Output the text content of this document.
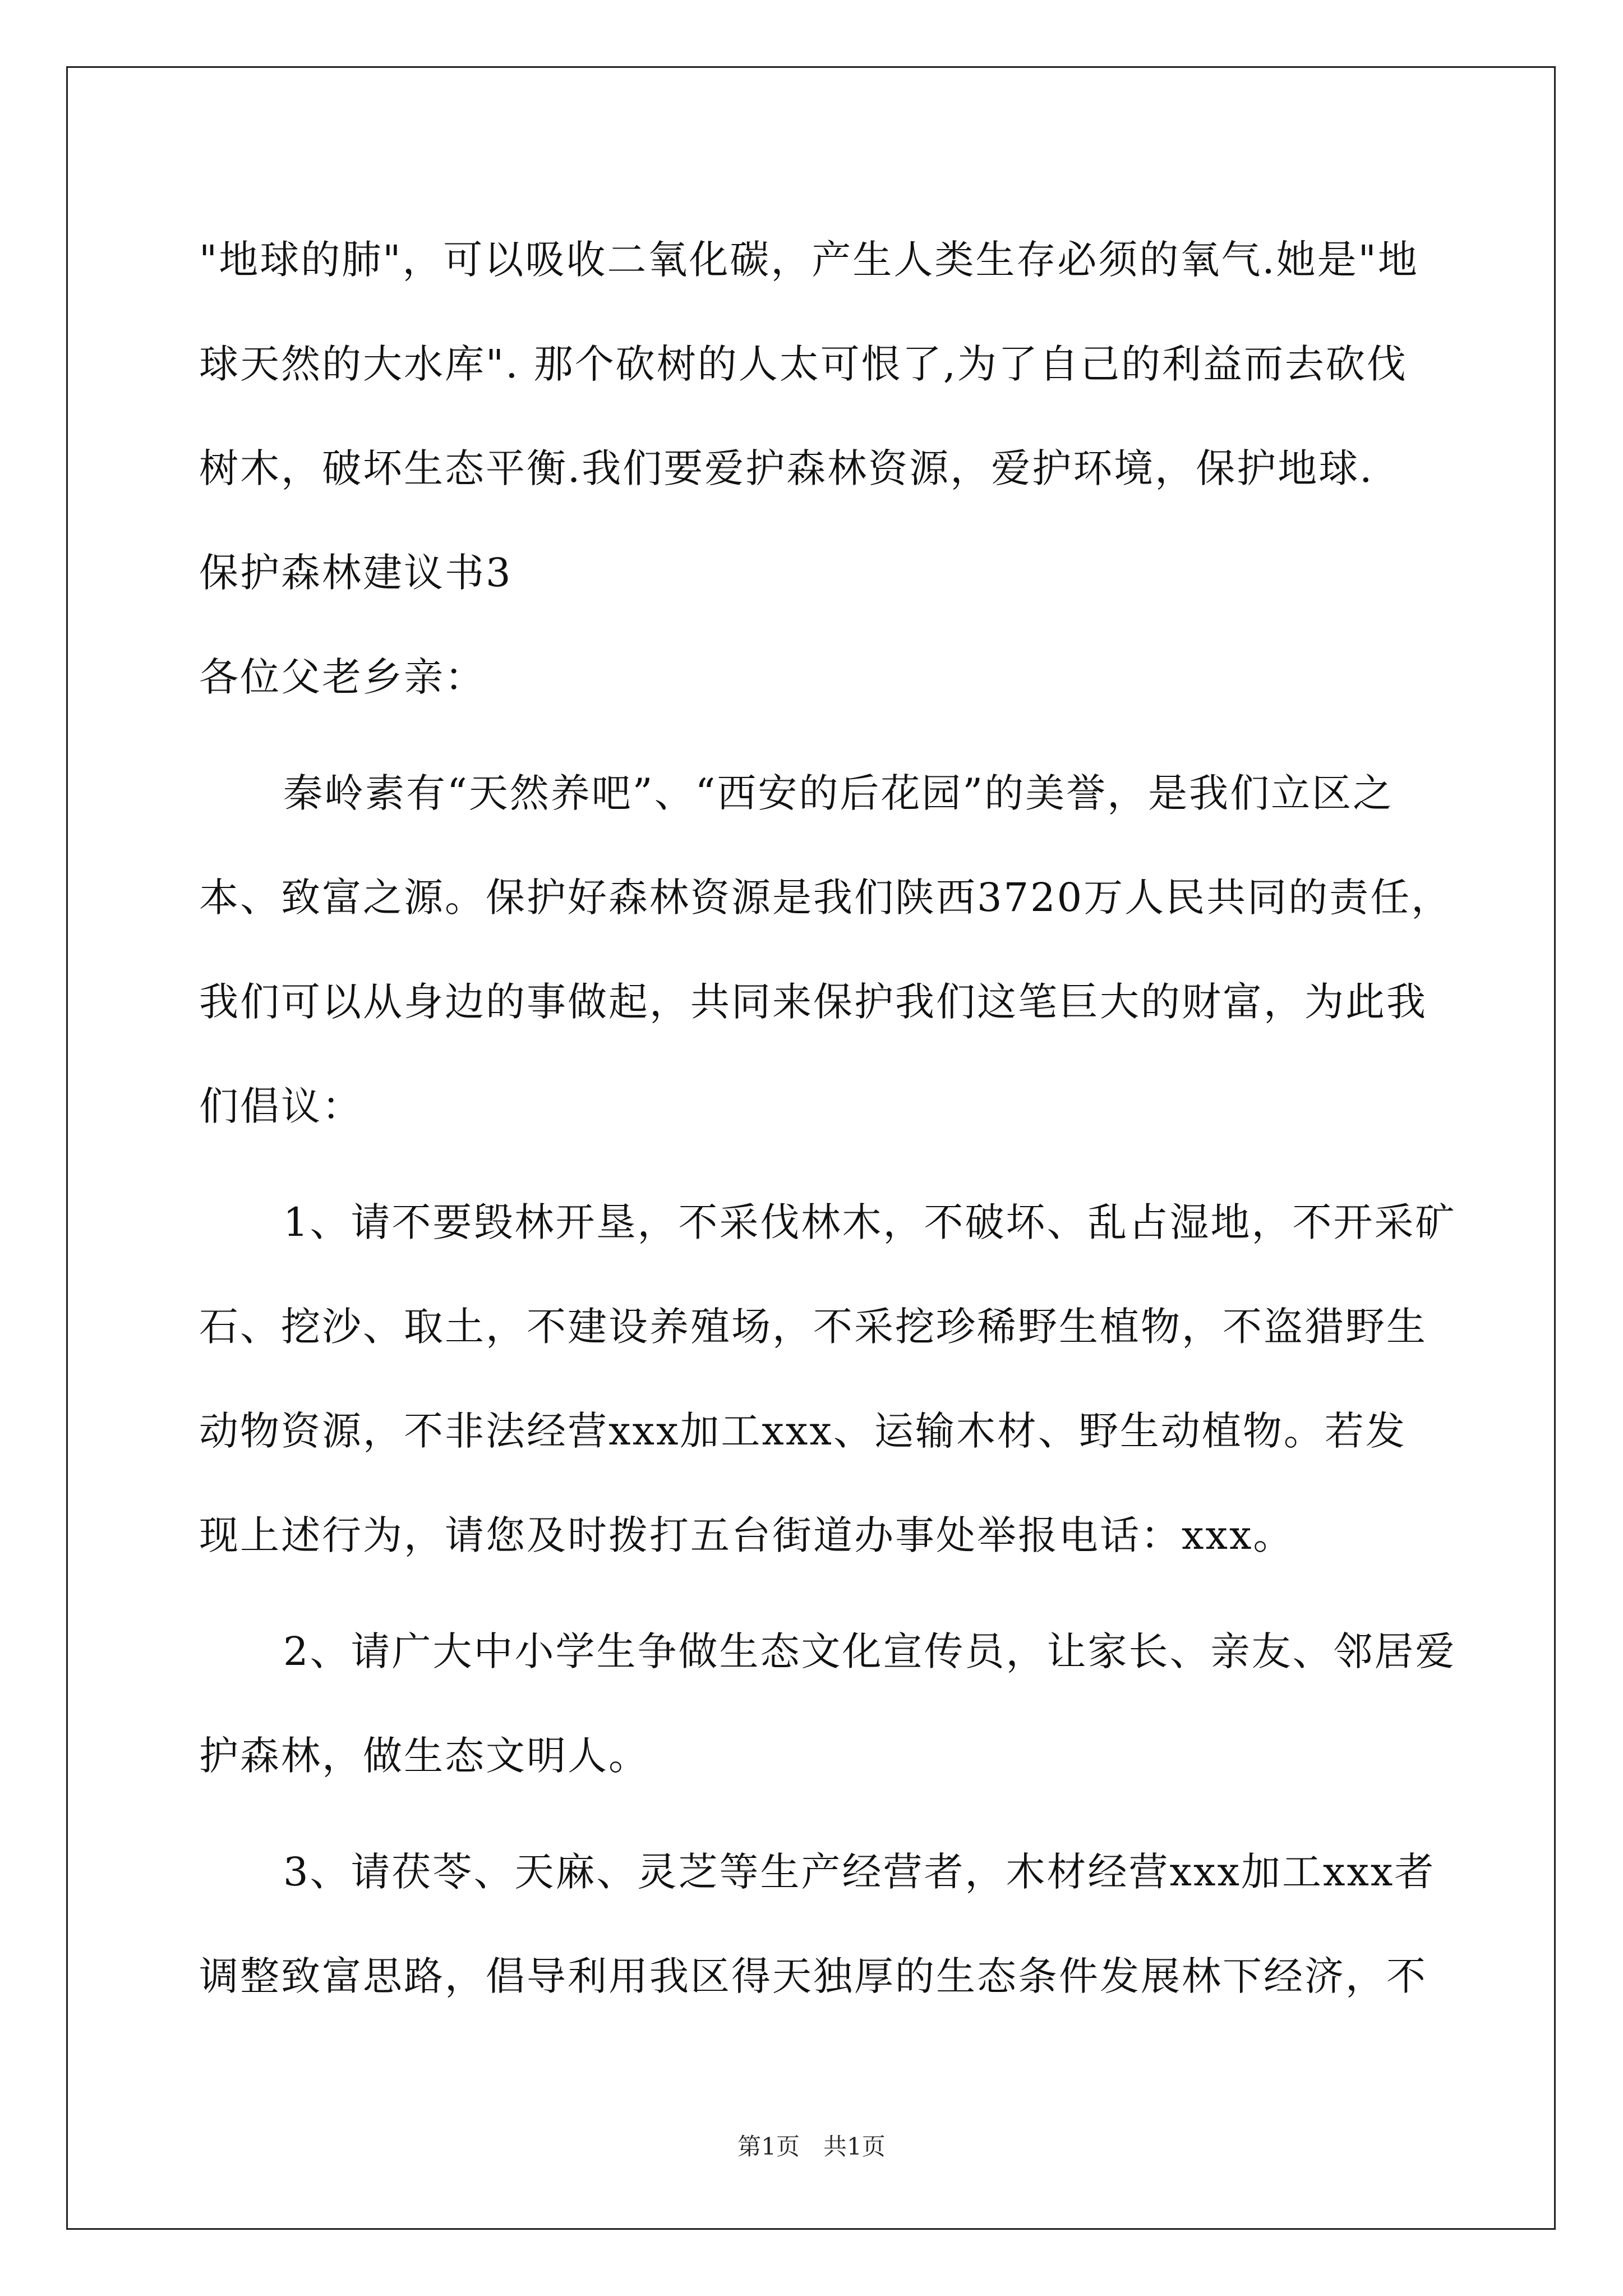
"地球的肺"，可以吸收二氧化碳，产生人类生存必须的氧气.她是"地
球天然的大水库". 那个砍树的人太可恨了,为了自己的利益而去砍伐
树木，破坏生态平衡.我们要爱护森林资源，爱护环境，保护地球.
保护森林建议书3
各位父老乡亲：
秦岭素有“天然养吧”、“西安的后花园”的美誉，是我们立区之
本、致富之源。保护好森林资源是我们陕西3720万人民共同的责任，
我们可以从身边的事做起，共同来保护我们这笔巨大的财富，为此我
们倡议：
1、请不要毁林开垦，不采伐林木，不破坏、乱占湿地，不开采矿
石、挖沙、取土，不建设养殖场，不采挖珍稀野生植物，不盗猎野生
动物资源，不非法经营xxx加工xxx、运输木材、野生动植物。若发
现上述行为，请您及时拨打五台街道办事处举报电话：xxx。
2、请广大中小学生争做生态文化宣传员，让家长、亲友、邻居爱
护森林，做生态文明人。
3、请茯苓、天麻、灵芝等生产经营者，木材经营xxx加工xxx者
调整致富思路，倡导利用我区得天独厚的生态条件发展林下经济，不
第1页　共1页
